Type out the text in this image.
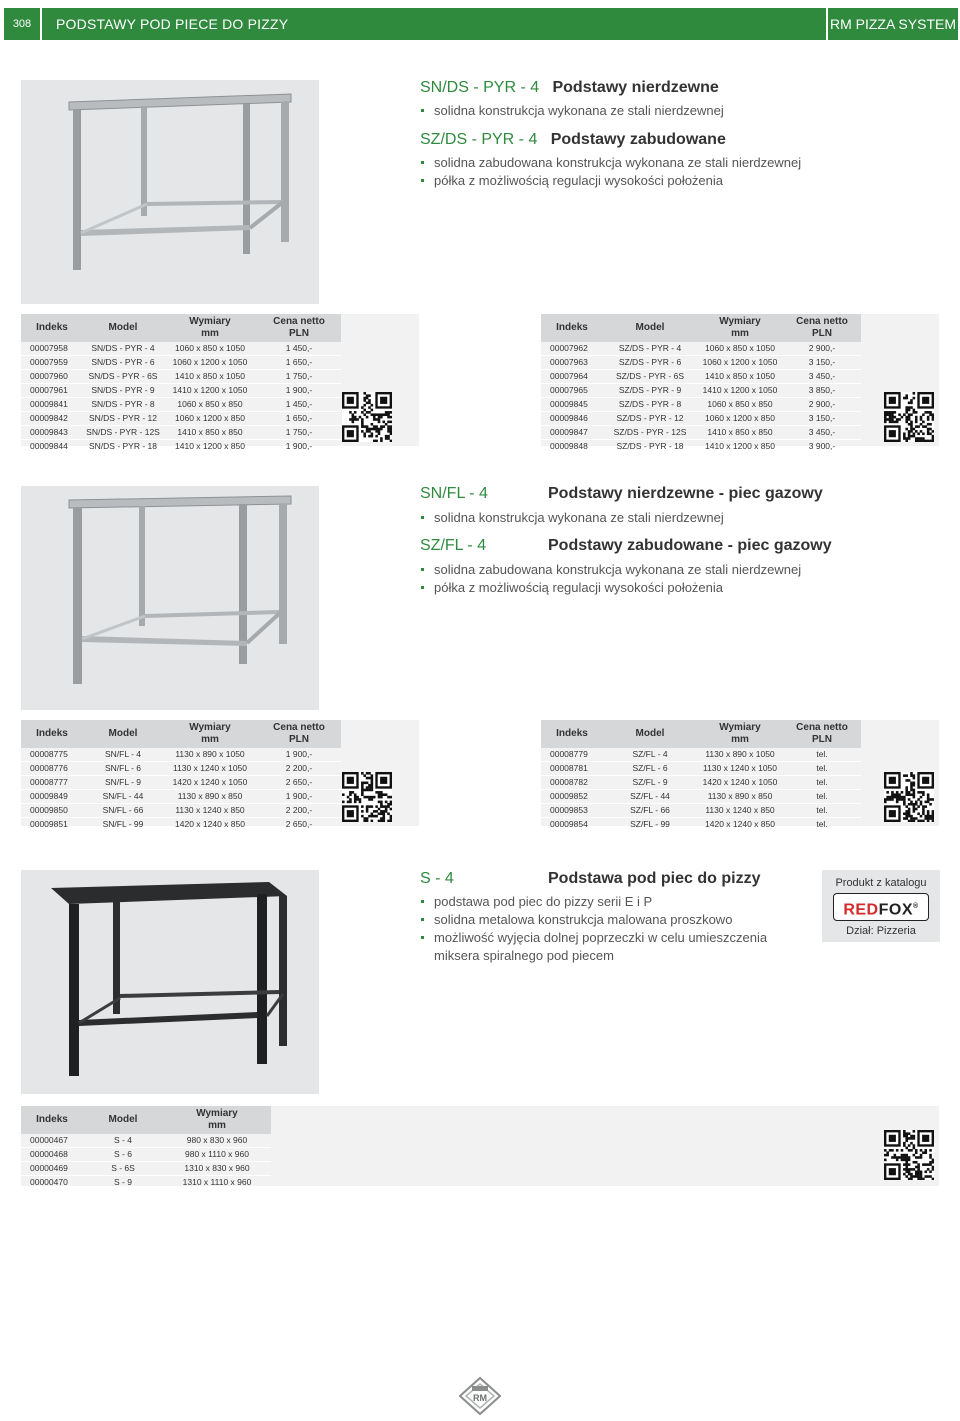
308	PODSTAWY POD PIECE DO PIZZY	RM PIZZA SYSTEM
SN/DS - PYR - 4 Podstawy nierdzewne
solidna konstrukcja wykonana ze stali nierdzewnej
SZ/DS - PYR - 4 Podstawy zabudowane
solidna zabudowana konstrukcja wykonana ze stali nierdzewnej
półka z możliwością regulacji wysokości położenia
Indeks	Model	Wymiary
mm	Cena netto
PLN
00007958	SN/DS - PYR - 4	1060 x 850 x 1050	1 450,-
00007959	SN/DS - PYR - 6	1060 x 1200 x 1050	1 650,-
00007960	SN/DS - PYR - 6S	1410 x 850 x 1050	1 750,-
00007961	SN/DS - PYR - 9	1410 x 1200 x 1050	1 900,-
00009841	SN/DS - PYR - 8	1060 x 850 x 850	1 450,-
00009842	SN/DS - PYR - 12	1060 x 1200 x 850	1 650,-
00009843	SN/DS - PYR - 12S	1410 x 850 x 850	1 750,-
00009844	SN/DS - PYR - 18	1410 x 1200 x 850	1 900,-
Indeks	Model	Wymiary
mm	Cena netto
PLN
00007962	SZ/DS - PYR - 4	1060 x 850 x 1050	2 900,-
00007963	SZ/DS - PYR - 6	1060 x 1200 x 1050	3 150,-
00007964	SZ/DS - PYR - 6S	1410 x 850 x 1050	3 450,-
00007965	SZ/DS - PYR - 9	1410 x 1200 x 1050	3 850,-
00009845	SZ/DS - PYR - 8	1060 x 850 x 850	2 900,-
00009846	SZ/DS - PYR - 12	1060 x 1200 x 850	3 150,-
00009847	SZ/DS - PYR - 12S	1410 x 850 x 850	3 450,-
00009848	SZ/DS - PYR - 18	1410 x 1200 x 850	3 900,-
SN/FL - 4	Podstawy nierdzewne - piec gazowy
solidna konstrukcja wykonana ze stali nierdzewnej
SZ/FL - 4	Podstawy zabudowane - piec gazowy
solidna zabudowana konstrukcja wykonana ze stali nierdzewnej
półka z możliwością regulacji wysokości położenia
Indeks	Model	Wymiary
mm	Cena netto
PLN
00008775	SN/FL - 4	1130 x 890 x 1050	1 900,-
00008776	SN/FL - 6	1130 x 1240 x 1050	2 200,-
00008777	SN/FL - 9	1420 x 1240 x 1050	2 650,-
00009849	SN/FL - 44	1130 x 890 x 850	1 900,-
00009850	SN/FL - 66	1130 x 1240 x 850	2 200,-
00009851	SN/FL - 99	1420 x 1240 x 850	2 650,-
Indeks	Model	Wymiary
mm	Cena netto
PLN
00008779	SZ/FL - 4	1130 x 890 x 1050	tel.
00008781	SZ/FL - 6	1130 x 1240 x 1050	tel.
00008782	SZ/FL - 9	1420 x 1240 x 1050	tel.
00009852	SZ/FL - 44	1130 x 890 x 850	tel.
00009853	SZ/FL - 66	1130 x 1240 x 850	tel.
00009854	SZ/FL - 99	1420 x 1240 x 850	tel.
S - 4	Podstawa pod piec do pizzy
podstawa pod piec do pizzy serii E i P
solidna metalowa konstrukcja malowana proszkowo
możliwość wyjęcia dolnej poprzeczki w celu umieszczenia miksera spiralnego pod piecem
Produkt z katalogu
REDFOX®
Dział: Pizzeria
Indeks	Model	Wymiary
mm
00000467	S - 4	980 x 830 x 960
00000468	S - 6	980 x 1110 x 960
00000469	S - 6S	1310 x 830 x 960
00000470	S - 9	1310 x 1110 x 960
RM
